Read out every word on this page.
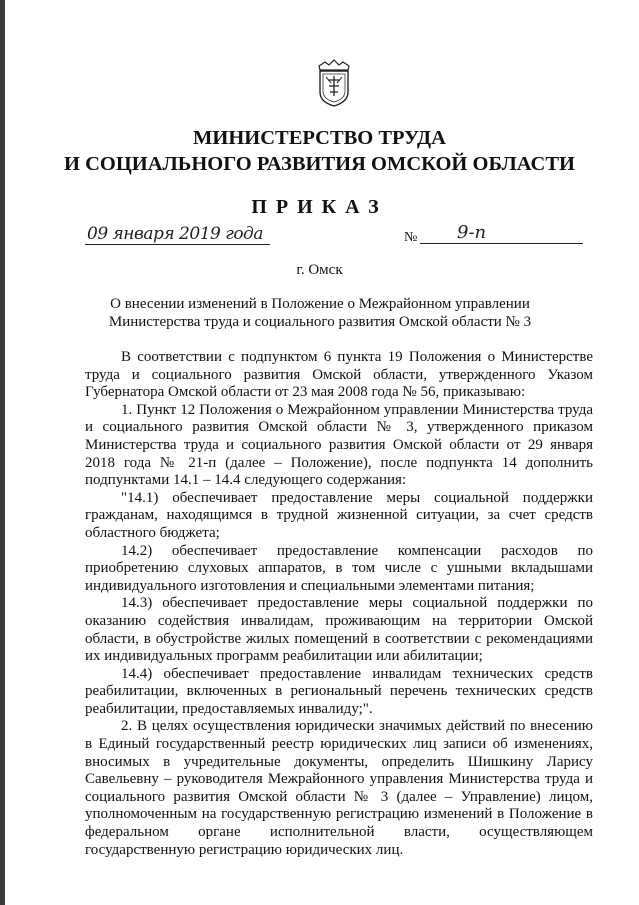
МИНИСТЕРСТВО ТРУДА
И СОЦИАЛЬНОГО РАЗВИТИЯ ОМСКОЙ ОБЛАСТИ
ПРИКАЗ
09 января 2019 года	№ 9-п
г. Омск
О внесении изменений в Положение о Межрайонном управлении
Министерства труда и социального развития Омской области № 3

В соответствии с подпунктом 6 пункта 19 Положения о Министерстве труда и социального развития Омской области, утвержденного Указом Губернатора Омской области от 23 мая 2008 года № 56, приказываю:

1. Пункт 12 Положения о Межрайонном управлении Министерства труда и социального развития Омской области № 3, утвержденного приказом Министерства труда и социального развития Омской области от 29 января 2018 года № 21-п (далее – Положение), после подпункта 14 дополнить подпунктами 14.1 – 14.4 следующего содержания:

"14.1) обеспечивает предоставление меры социальной поддержки гражданам, находящимся в трудной жизненной ситуации, за счет средств областного бюджета;

14.2) обеспечивает предоставление компенсации расходов по приобретению слуховых аппаратов, в том числе с ушными вкладышами индивидуального изготовления и специальными элементами питания;

14.3) обеспечивает предоставление меры социальной поддержки по оказанию содействия инвалидам, проживающим на территории Омской области, в обустройстве жилых помещений в соответствии с рекомендациями их индивидуальных программ реабилитации или абилитации;

14.4) обеспечивает предоставление инвалидам технических средств реабилитации, включенных в региональный перечень технических средств реабилитации, предоставляемых инвалиду;".

2. В целях осуществления юридически значимых действий по внесению в Единый государственный реестр юридических лиц записи об изменениях, вносимых в учредительные документы, определить Шишкину Ларису Савельевну – руководителя Межрайонного управления Министерства труда и социального развития Омской области № 3 (далее – Управление) лицом, уполномоченным на государственную регистрацию изменений в Положение в федеральном органе исполнительной власти, осуществляющем государственную регистрацию юридических лиц.
